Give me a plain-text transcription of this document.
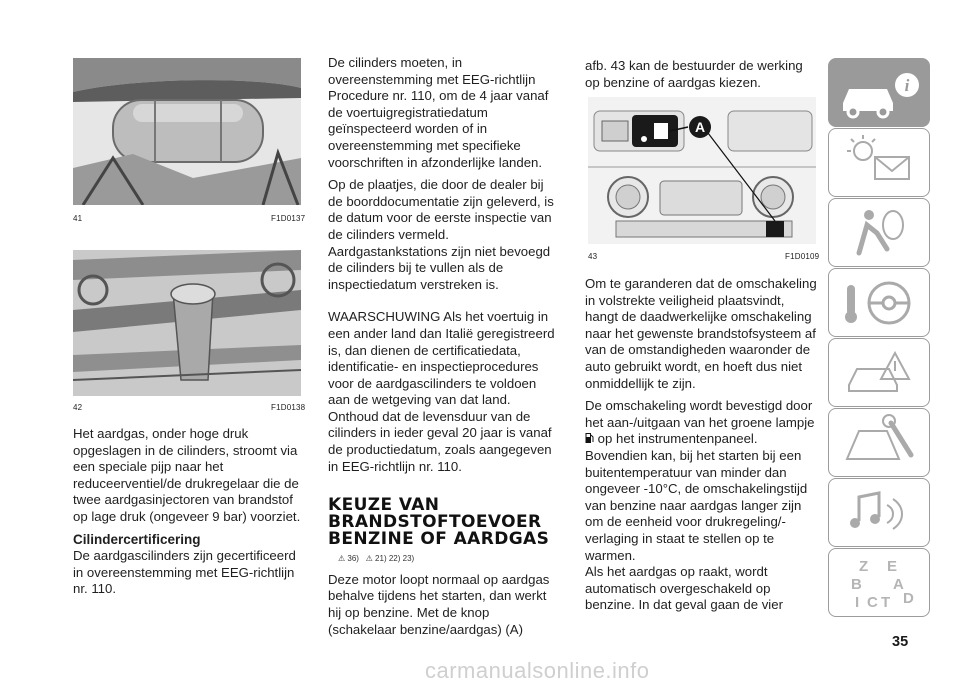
41	F1D0137
42	F1D0138

Het aardgas, onder hoge druk opgeslagen in de cilinders, stroomt via een speciale pijp naar het reduceerventiel/de drukregelaar die de twee aardgasinjectoren van brandstof op lage druk (ongeveer 9 bar) voorziet.

Cilindercertificering

De aardgascilinders zijn gecertificeerd in overeenstemming met EEG-richtlijn nr. 110.

De cilinders moeten, in overeenstemming met EEG-richtlijn Procedure nr. 110, om de 4 jaar vanaf de voertuigregistratiedatum geïnspecteerd worden of in overeenstemming met specifieke voorschriften in afzonderlijke landen.

Op de plaatjes, die door de dealer bij de boorddocumentatie zijn geleverd, is de datum voor de eerste inspectie van de cilinders vermeld. Aardgastankstations zijn niet bevoegd de cilinders bij te vullen als de inspectiedatum verstreken is.

WAARSCHUWING Als het voertuig in een ander land dan Italië geregistreerd is, dan dienen de certificatiedata, identificatie- en inspectieprocedures voor de aardgascilinders te voldoen aan de wetgeving van dat land. Onthoud dat de levensduur van de cilinders in ieder geval 20 jaar is vanaf de productiedatum, zoals aangegeven in EEG-richtlijn nr. 110.

KEUZE VAN BRANDSTOFTOEVOER BENZINE OF AARDGAS

⚠ 36) ⚠ 21) 22) 23)

Deze motor loopt normaal op aardgas behalve tijdens het starten, dan werkt hij op benzine. Met de knop (schakelaar benzine/aardgas) (A)

afb. 43 kan de bestuurder de werking op benzine of aardgas kiezen.

A
43	F1D0109

Om te garanderen dat de omschakeling in volstrekte veiligheid plaatsvindt, hangt de daadwerkelijke omschakeling naar het gewenste brandstofsysteem af van de omstandigheden waaronder de auto gebruikt wordt, en hoeft dus niet onmiddellijk te zijn.

De omschakeling wordt bevestigd door het aan-/uitgaan van het groene lampje  op het instrumentenpaneel. Bovendien kan, bij het starten bij een buitentemperatuur van minder dan ongeveer -10°C, de omschakelingstijd van benzine naar aardgas langer zijn om de eenheid voor drukregeling/-verlaging in staat te stellen op te warmen.

Als het aardgas op raakt, wordt automatisch overgeschakeld op benzine. In dat geval gaan de vier

i
Z E
B A
I C T D
35
carmanualsonline.info
